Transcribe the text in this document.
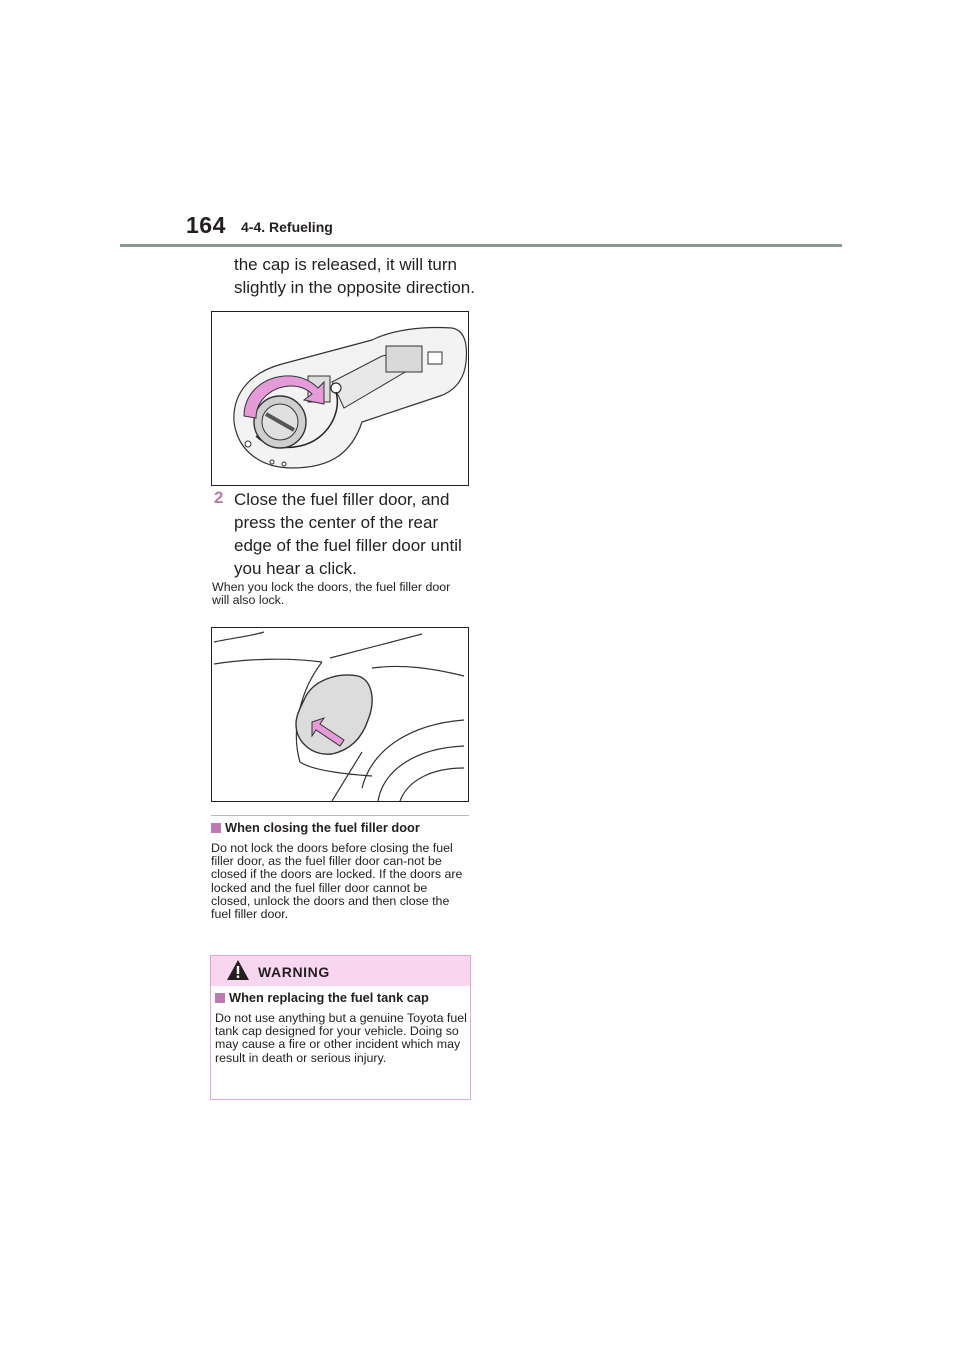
164 4-4. Refueling
the cap is released, it will turn slightly in the opposite direction.
2 Close the fuel filler door, and press the center of the rear edge of the fuel filler door until you hear a click.
When you lock the doors, the fuel filler door will also lock.
When closing the fuel filler door
Do not lock the doors before closing the fuel filler door, as the fuel filler door can-not be closed if the doors are locked. If the doors are locked and the fuel filler door cannot be closed, unlock the doors and then close the fuel filler door.
WARNING
When replacing the fuel tank cap
Do not use anything but a genuine Toyota fuel tank cap designed for your vehicle. Doing so may cause a fire or other incident which may result in death or serious injury.
